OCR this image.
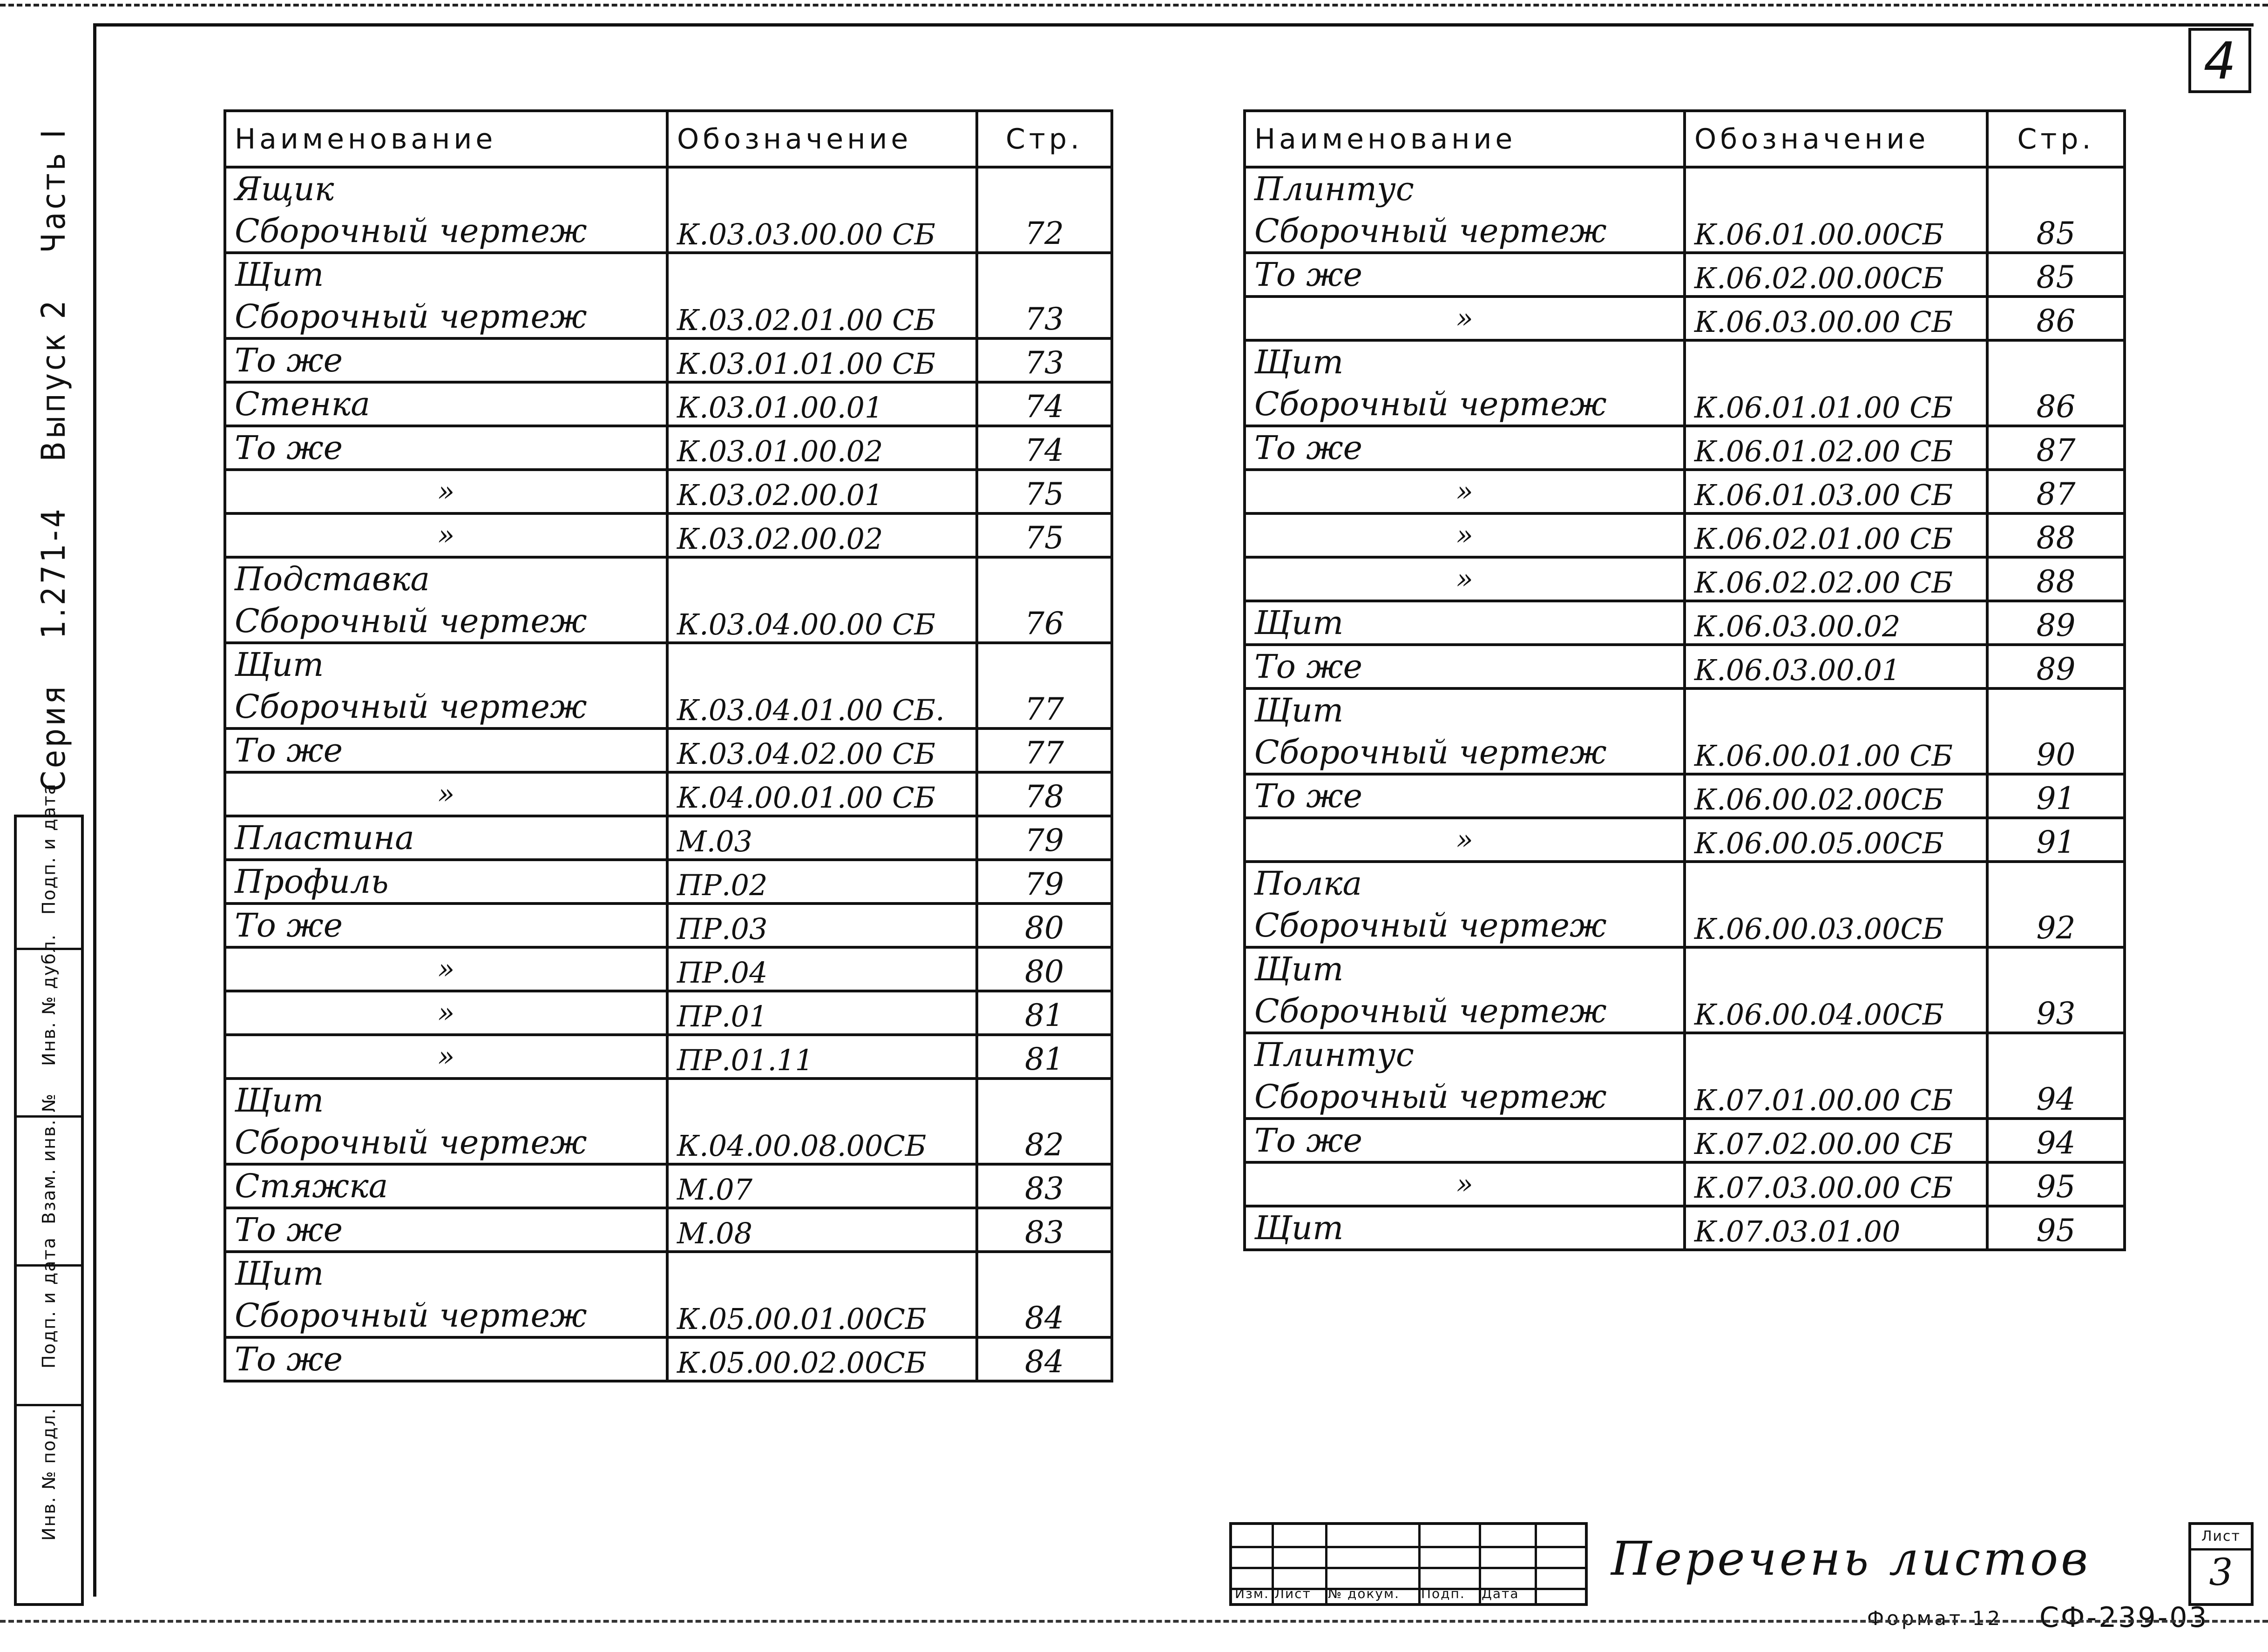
4
Серия 1.271-4 Выпуск 2 Часть I
Подп. и дата
Инв. № дубл.
Взам. инв. №
Подп. и дата
Инв. № подл.
Наименование	Обозначение	Стр.

Ящик
Сборочный чертеж	К.03.03.00.00 СБ	72

Щит
Сборочный чертеж	К.03.02.01.00 СБ	73

То же	К.03.01.01.00 СБ	73

Стенка	К.03.01.00.01	74

То же	К.03.01.00.02	74

»	К.03.02.00.01	75

»	К.03.02.00.02	75

Подставка
Сборочный чертеж	К.03.04.00.00 СБ	76

Щит
Сборочный чертеж	К.03.04.01.00 СБ.	77

То же	К.03.04.02.00 СБ	77

»	К.04.00.01.00 СБ	78

Пластина	М.03	79

Профиль	ПР.02	79

То же	ПР.03	80

»	ПР.04	80

»	ПР.01	81

»	ПР.01.11	81

Щит
Сборочный чертеж	К.04.00.08.00СБ	82

Стяжка	М.07	83

То же	М.08	83

Щит
Сборочный чертеж	К.05.00.01.00СБ	84

То же	К.05.00.02.00СБ	84
Наименование	Обозначение	Стр.

Плинтус
Сборочный чертеж	К.06.01.00.00СБ	85

То же	К.06.02.00.00СБ	85

»	К.06.03.00.00 СБ	86

Щит
Сборочный чертеж	К.06.01.01.00 СБ	86

То же	К.06.01.02.00 СБ	87

»	К.06.01.03.00 СБ	87

»	К.06.02.01.00 СБ	88

»	К.06.02.02.00 СБ	88

Щит	К.06.03.00.02	89

То же	К.06.03.00.01	89

Щит
Сборочный чертеж	К.06.00.01.00 СБ	90

То же	К.06.00.02.00СБ	91

»	К.06.00.05.00СБ	91

Полка
Сборочный чертеж	К.06.00.03.00СБ	92

Щит
Сборочный чертеж	К.06.00.04.00СБ	93

Плинтус
Сборочный чертеж	К.07.01.00.00 СБ	94

То же	К.07.02.00.00 СБ	94

»	К.07.03.00.00 СБ	95

Щит	К.07.03.01.00	95
Изм. Лист	№ докум.	Подп.	Дата
Перечень листов	Лист
3
Формат 12 СФ-239-03
